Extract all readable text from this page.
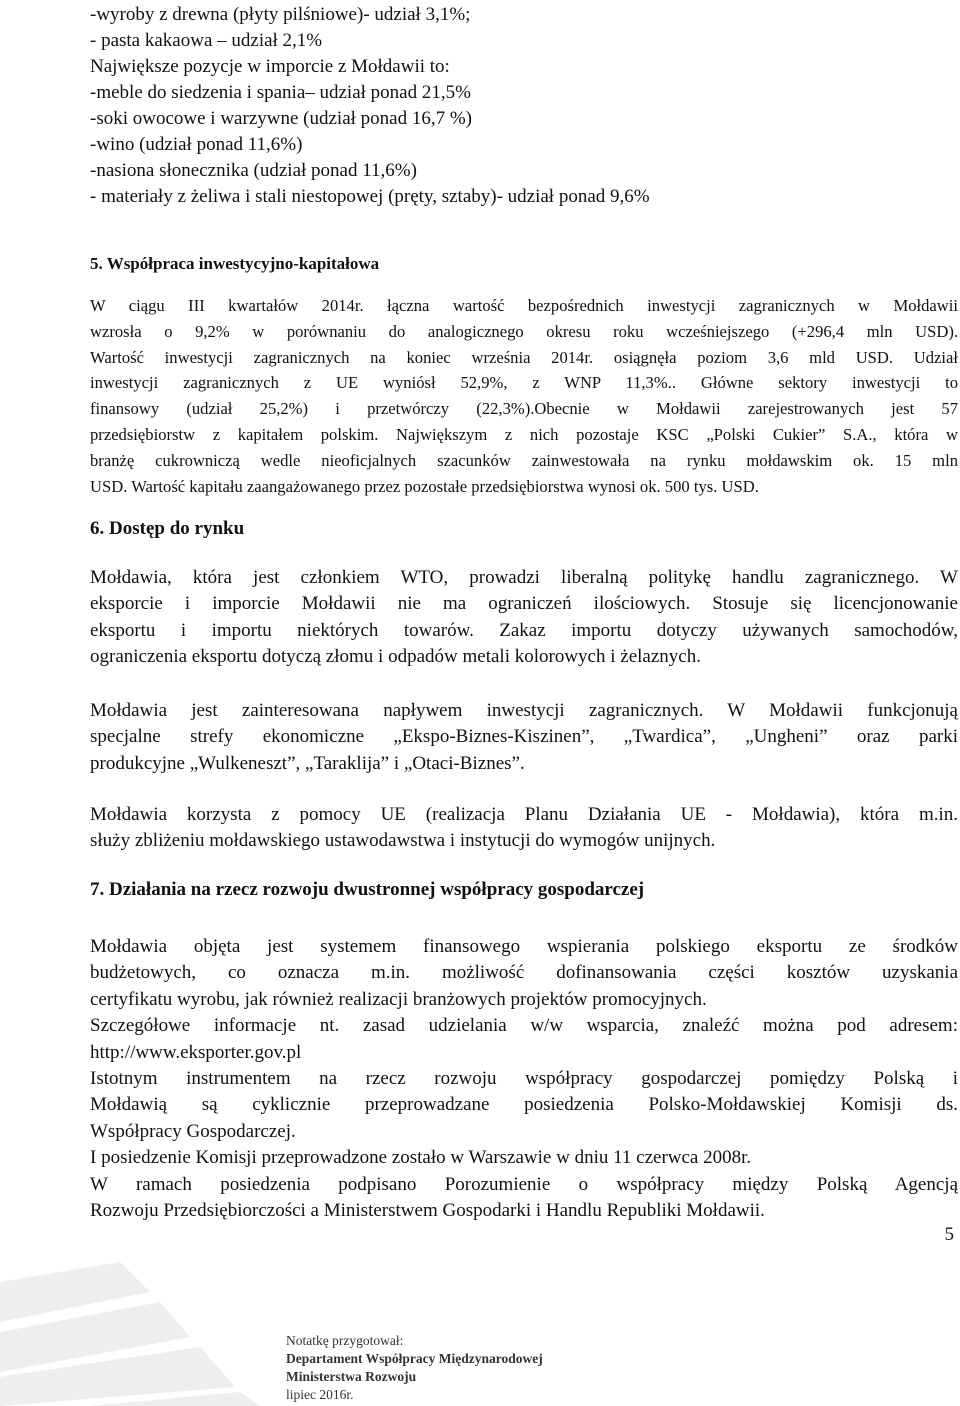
-wyroby z drewna (płyty pilśniowe)- udział 3,1%;

- pasta kakaowa – udział 2,1%

Największe pozycje w imporcie z Mołdawii to:

-meble do siedzenia i spania– udział ponad 21,5%

-soki owocowe i warzywne (udział ponad 16,7 %)

-wino (udział ponad 11,6%)

-nasiona słonecznika (udział ponad 11,6%)

- materiały z żeliwa i stali niestopowej (pręty, sztaby)- udział ponad 9,6%

5. Współpraca inwestycyjno-kapitałowa

W ciągu III kwartałów 2014r. łączna wartość bezpośrednich inwestycji zagranicznych w Mołdawii

wzrosła o 9,2% w porównaniu do analogicznego okresu roku wcześniejszego (+296,4 mln USD).

Wartość inwestycji zagranicznych na koniec września 2014r. osiągnęła poziom 3,6 mld USD. Udział

inwestycji zagranicznych z UE wyniósł 52,9%, z WNP 11,3%.. Główne sektory inwestycji to

finansowy (udział 25,2%) i przetwórczy (22,3%).Obecnie w Mołdawii zarejestrowanych jest 57

przedsiębiorstw z kapitałem polskim. Największym z nich pozostaje KSC „Polski Cukier” S.A., która w

branżę cukrowniczą wedle nieoficjalnych szacunków zainwestowała na rynku mołdawskim ok. 15 mln

USD. Wartość kapitału zaangażowanego przez pozostałe przedsiębiorstwa wynosi ok. 500 tys. USD.

6. Dostęp do rynku

Mołdawia, która jest członkiem WTO, prowadzi liberalną politykę handlu zagranicznego. W

eksporcie i imporcie Mołdawii nie ma ograniczeń ilościowych. Stosuje się licencjonowanie

eksportu i importu niektórych towarów. Zakaz importu dotyczy używanych samochodów,

ograniczenia eksportu dotyczą złomu i odpadów metali kolorowych i żelaznych.

Mołdawia jest zainteresowana napływem inwestycji zagranicznych. W Mołdawii funkcjonują

specjalne strefy ekonomiczne „Ekspo-Biznes-Kiszinen”, „Twardica”, „Ungheni” oraz parki

produkcyjne „Wulkeneszt”, „Taraklija” i „Otaci-Biznes”.

Mołdawia korzysta z pomocy UE (realizacja Planu Działania UE - Mołdawia), która m.in.

służy zbliżeniu mołdawskiego ustawodawstwa i instytucji do wymogów unijnych.

7. Działania na rzecz rozwoju dwustronnej współpracy gospodarczej

Mołdawia objęta jest systemem finansowego wspierania polskiego eksportu ze środków

budżetowych, co oznacza m.in. możliwość dofinansowania części kosztów uzyskania

certyfikatu wyrobu, jak również realizacji branżowych projektów promocyjnych.

Szczegółowe informacje nt. zasad udzielania w/w wsparcia, znaleźć można pod adresem:

http://www.eksporter.gov.pl

Istotnym instrumentem na rzecz rozwoju współpracy gospodarczej pomiędzy Polską i

Mołdawią są cyklicznie przeprowadzane posiedzenia Polsko-Mołdawskiej Komisji ds.

Współpracy Gospodarczej.

I posiedzenie Komisji przeprowadzone zostało w Warszawie w dniu 11 czerwca 2008r.

W ramach posiedzenia podpisano Porozumienie o współpracy między Polską Agencją

Rozwoju Przedsiębiorczości a Ministerstwem Gospodarki i Handlu Republiki Mołdawii.

5
Notatkę przygotował:
Departament Współpracy Międzynarodowej
Ministerstwa Rozwoju
lipiec 2016r.
